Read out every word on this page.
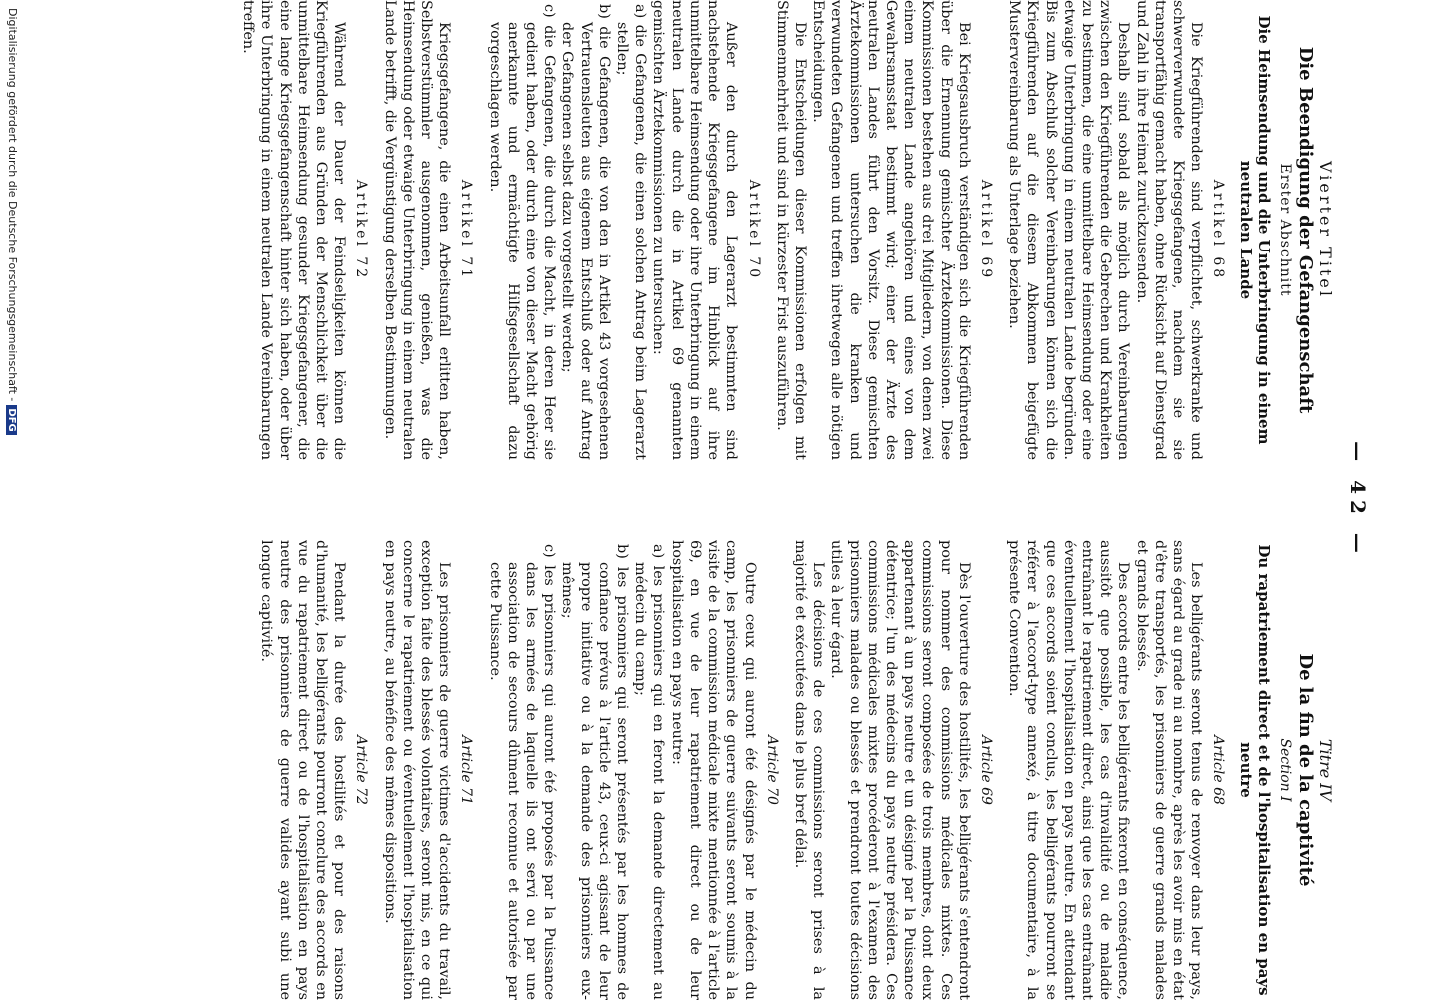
— 42 —
Vierter Titel
Die Beendigung der Gefangenschaft
Erster Abschnitt
Die Heimsendung und die Unterbringung in einem neutralen Lande
Artikel 68

Die Kriegführenden sind verpflichtet, schwerkranke und schwerverwundete Kriegsgefangene, nachdem sie sie transportfähig gemacht haben, ohne Rücksicht auf Dienstgrad und Zahl in ihre Heimat zurückzusenden.

Deshalb sind sobald als möglich durch Vereinbarungen zwischen den Kriegführenden die Gebrechen und Krankheiten zu bestimmen, die eine unmittelbare Heimsendung oder eine etwaige Unterbringung in einem neutralen Lande begründen. Bis zum Abschluß solcher Vereinbarungen können sich die Kriegführenden auf die diesem Abkommen beigefügte Mustervereinbarung als Unterlage beziehen.

Artikel 69

Bei Kriegsausbruch verständigen sich die Kriegführenden über die Ernennung gemischter Ärztekommissionen. Diese Kommissionen bestehen aus drei Mitgliedern, von denen zwei einem neutralen Lande angehören und eines von dem Gewahrsamsstaat bestimmt wird; einer der Ärzte des neutralen Landes führt den Vorsitz. Diese gemischten Ärztekommissionen untersuchen die kranken und verwundeten Gefangenen und treffen ihretwegen alle nötigen Entscheidungen.

Die Entscheidungen dieser Kommissionen erfolgen mit Stimmenmehrheit und sind in kürzester Frist auszuführen.

Artikel 70

Außer den durch den Lagerarzt bestimmten sind nachstehende Kriegsgefangene im Hinblick auf ihre unmittelbare Heimsendung oder ihre Unterbringung in einem neutralen Lande durch die in Artikel 69 genannten gemischten Ärztekommissionen zu untersuchen:

a) die Gefangenen, die einen solchen Antrag beim Lagerarzt stellen;

b) die Gefangenen, die von den in Artikel 43 vorgesehenen Vertrauensleuten aus eigenem Entschluß oder auf Antrag der Gefangenen selbst dazu vorgestellt werden;

c) die Gefangenen, die durch die Macht, in deren Heer sie gedient haben, oder durch eine von dieser Macht gehörig anerkannte und ermächtigte Hilfsgesellschaft dazu vorgeschlagen werden.

Artikel 71

Kriegsgefangene, die einen Arbeitsunfall erlitten haben, Selbstverstümmler ausgenommen, genießen, was die Heimsendung oder etwaige Unterbringung in einem neutralen Lande betrifft, die Vergünstigung derselben Bestimmungen.

Artikel 72

Während der Dauer der Feindseligkeiten können die Kriegführenden aus Gründen der Menschlichkeit über die unmittelbare Heimsendung gesunder Kriegsgefangener, die eine lange Kriegsgefangenschaft hinter sich haben, oder über ihre Unterbringung in einem neutralen Lande Vereinbarungen treffen.

Titre IV
De la fin de la captivité
Section I
Du rapatriement direct et de l'hospitalisation en pays neutre
Article 68

Les belligérants seront tenus de renvoyer dans leur pays, sans égard au grade ni au nombre, après les avoir mis en état d'être transportés, les prisonniers de guerre grands malades et grands blessés.

Des accords entre les belligérants fixeront en conséquence, aussitôt que possible, les cas d'invalidité ou de maladie entraînant le rapatriement direct, ainsi que les cas entraînant éventuellement l'hospitalisation en pays neutre. En attendant que ces accords soient conclus, les belligérants pourront se référer à l'accord-type annexé, à titre documentaire, à la présente Convention.

Article 69

Dès l'ouverture des hostilités, les belligérants s'entendront pour nommer des commissions médicales mixtes. Ces commissions seront composées de trois membres, dont deux appartenant à un pays neutre et un désigné par la Puissance détentrice; l'un des médecins du pays neutre présidera. Ces commissions médicales mixtes procéderont à l'examen des prisonniers malades ou blessés et prendront toutes décisions utiles à leur égard.

Les décisions de ces commissions seront prises à la majorité et exécutées dans le plus bref délai.

Article 70

Outre ceux qui auront été désignés par le médecin du camp, les prisonniers de guerre suivants seront soumis à la visite de la commission médicale mixte mentionnée à l'article 69, en vue de leur rapatriement direct ou de leur hospitalisation en pays neutre:

a) les prisonniers qui en feront la demande directement au médecin du camp;

b) les prisonniers qui seront présentés par les hommes de confiance prévus à l'article 43, ceux-ci agissant de leur propre initiative ou à la demande des prisonniers eux-mêmes;

c) les prisonniers qui auront été proposés par la Puissance dans les armées de laquelle ils ont servi ou par une association de secours dûment reconnue et autorisée par cette Puissance.

Article 71

Les prisonniers de guerre victimes d'accidents du travail, exception faite des blessés volontaires, seront mis, en ce qui concerne le rapatriement ou éventuellement l'hospitalisation en pays neutre, au bénéfice des mêmes dispositions.

Article 72

Pendant la durée des hostilités et pour des raisons d'humanité, les belligérants pourront conclure des accords en vue du rapatriement direct ou de l'hospitalisation en pays neutre des prisonniers de guerre valides ayant subi une longue captivité.

Digitalisierung gefördert durch die Deutsche Forschungsgemeinschaft -DFG
